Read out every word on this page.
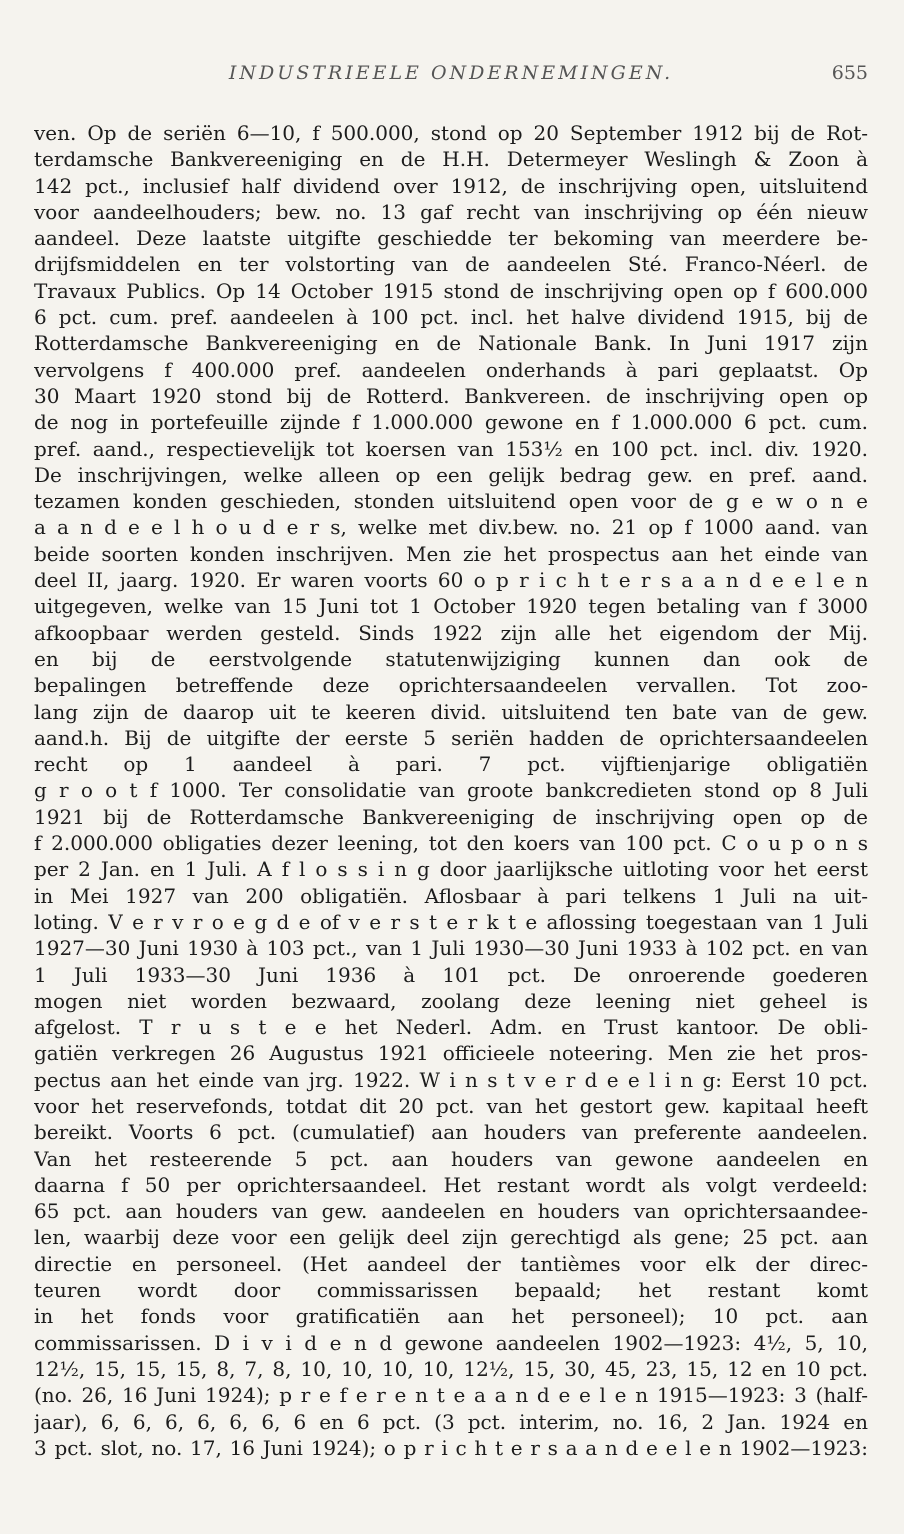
INDUSTRIEELE ONDERNEMINGEN.	655
ven. Op de seriën 6—10, f 500.000, stond op 20 September 1912 bij de Rot-
terdamsche Bankvereeniging en de H.H. Determeyer Weslingh & Zoon à
142 pct., inclusief half dividend over 1912, de inschrijving open, uitsluitend
voor aandeelhouders; bew. no. 13 gaf recht van inschrijving op één nieuw
aandeel. Deze laatste uitgifte geschiedde ter bekoming van meerdere be-
drijfsmiddelen en ter volstorting van de aandeelen Sté. Franco-Néerl. de
Travaux Publics. Op 14 October 1915 stond de inschrijving open op f 600.000
6 pct. cum. pref. aandeelen à 100 pct. incl. het halve dividend 1915, bij de
Rotterdamsche Bankvereeniging en de Nationale Bank. In Juni 1917 zijn
vervolgens f 400.000 pref. aandeelen onderhands à pari geplaatst. Op
30 Maart 1920 stond bij de Rotterd. Bankvereen. de inschrijving open op
de nog in portefeuille zijnde f 1.000.000 gewone en f 1.000.000 6 pct. cum.
pref. aand., respectievelijk tot koersen van 153½ en 100 pct. incl. div. 1920.
De inschrijvingen, welke alleen op een gelijk bedrag gew. en pref. aand.
tezamen konden geschieden, stonden uitsluitend open voor de g e w o n e
a a n d e e l h o u d e r s, welke met div.bew. no. 21 op f 1000 aand. van
beide soorten konden inschrijven. Men zie het prospectus aan het einde van
deel II, jaarg. 1920. Er waren voorts 60 o p r i c h t e r s a a n d e e l e n
uitgegeven, welke van 15 Juni tot 1 October 1920 tegen betaling van f 3000
afkoopbaar werden gesteld. Sinds 1922 zijn alle het eigendom der Mij.
en bij de eerstvolgende statutenwijziging kunnen dan ook de
bepalingen betreffende deze oprichtersaandeelen vervallen. Tot zoo-
lang zijn de daarop uit te keeren divid. uitsluitend ten bate van de gew.
aand.h. Bij de uitgifte der eerste 5 seriën hadden de oprichtersaandeelen
recht op 1 aandeel à pari. 7 pct. vijftienjarige obligatiën
g r o o t f 1000. Ter consolidatie van groote bankcredieten stond op 8 Juli
1921 bij de Rotterdamsche Bankvereeniging de inschrijving open op de
f 2.000.000 obligaties dezer leening, tot den koers van 100 pct. C o u p o n s
per 2 Jan. en 1 Juli. A f l o s s i n g door jaarlijksche uitloting voor het eerst
in Mei 1927 van 200 obligatiën. Aflosbaar à pari telkens 1 Juli na uit-
loting. V e r v r o e g d e of v e r s t e r k t e aflossing toegestaan van 1 Juli
1927—30 Juni 1930 à 103 pct., van 1 Juli 1930—30 Juni 1933 à 102 pct. en van
1 Juli 1933—30 Juni 1936 à 101 pct. De onroerende goederen
mogen niet worden bezwaard, zoolang deze leening niet geheel is
afgelost. T r u s t e e het Nederl. Adm. en Trust kantoor. De obli-
gatiën verkregen 26 Augustus 1921 officieele noteering. Men zie het pros-
pectus aan het einde van jrg. 1922. W i n s t v e r d e e l i n g: Eerst 10 pct.
voor het reservefonds, totdat dit 20 pct. van het gestort gew. kapitaal heeft
bereikt. Voorts 6 pct. (cumulatief) aan houders van preferente aandeelen.
Van het resteerende 5 pct. aan houders van gewone aandeelen en
daarna f 50 per oprichtersaandeel. Het restant wordt als volgt verdeeld:
65 pct. aan houders van gew. aandeelen en houders van oprichtersaandee-
len, waarbij deze voor een gelijk deel zijn gerechtigd als gene; 25 pct. aan
directie en personeel. (Het aandeel der tantièmes voor elk der direc-
teuren wordt door commissarissen bepaald; het restant komt
in het fonds voor gratificatiën aan het personeel); 10 pct. aan
commissarissen. D i v i d e n d gewone aandeelen 1902—1923: 4½, 5, 10,
12½, 15, 15, 15, 8, 7, 8, 10, 10, 10, 10, 12½, 15, 30, 45, 23, 15, 12 en 10 pct.
(no. 26, 16 Juni 1924); p r e f e r e n t e a a n d e e l e n 1915—1923: 3 (half-
jaar), 6, 6, 6, 6, 6, 6, 6 en 6 pct. (3 pct. interim, no. 16, 2 Jan. 1924 en
3 pct. slot, no. 17, 16 Juni 1924); o p r i c h t e r s a a n d e e l e n 1902—1923:
